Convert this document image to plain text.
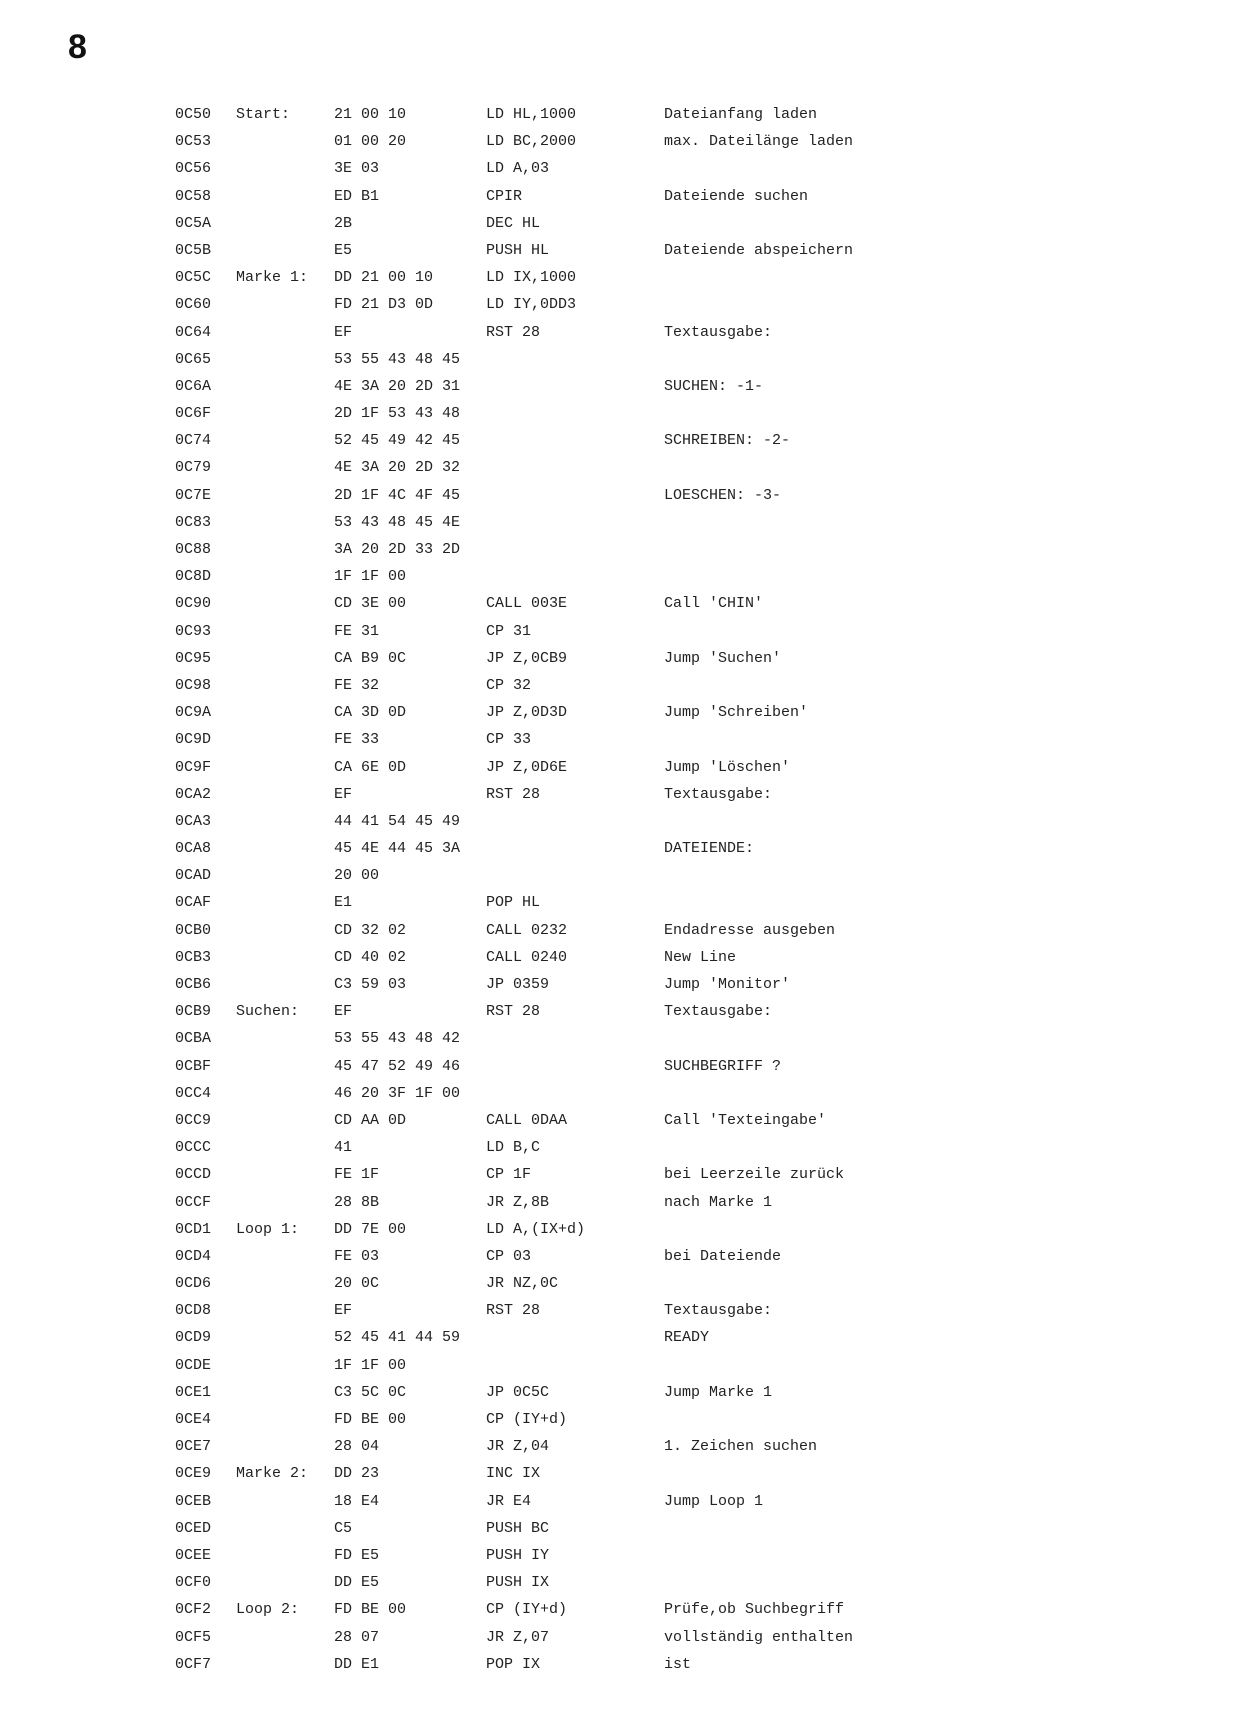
8
0C50 Start:	21 00 10	LD HL,1000	Dateianfang laden
0C53	01 00 20	LD BC,2000	max. Dateilänge laden
0C56	3E 03	LD A,03
0C58	ED B1	CPIR	Dateiende suchen
0C5A	2B	DEC HL
0C5B	E5	PUSH HL	Dateiende abspeichern
0C5C Marke 1: DD 21 00 10	LD IX,1000
0C60	FD 21 D3 0D	LD IY,0DD3
0C64	EF	RST 28	Textausgabe:
0C65	53 55 43 48 45
0C6A	4E 3A 20 2D 31	SUCHEN: -1-
0C6F	2D 1F 53 43 48
0C74	52 45 49 42 45	SCHREIBEN: -2-
0C79	4E 3A 20 2D 32
0C7E	2D 1F 4C 4F 45	LOESCHEN: -3-
0C83	53 43 48 45 4E
0C88	3A 20 2D 33 2D
0C8D	1F 1F 00
0C90	CD 3E 00	CALL 003E	Call 'CHIN'
0C93	FE 31	CP 31
0C95	CA B9 0C	JP Z,0CB9	Jump 'Suchen'
0C98	FE 32	CP 32
0C9A	CA 3D 0D	JP Z,0D3D	Jump 'Schreiben'
0C9D	FE 33	CP 33
0C9F	CA 6E 0D	JP Z,0D6E	Jump 'Löschen'
0CA2	EF	RST 28	Textausgabe:
0CA3	44 41 54 45 49
0CA8	45 4E 44 45 3A	DATEIENDE:
0CAD	20 00
0CAF	E1	POP HL
0CB0	CD 32 02	CALL 0232	Endadresse ausgeben
0CB3	CD 40 02	CALL 0240	New Line
0CB6	C3 59 03	JP 0359	Jump 'Monitor'
0CB9 Suchen: EF	RST 28	Textausgabe:
0CBA	53 55 43 48 42
0CBF	45 47 52 49 46	SUCHBEGRIFF ?
0CC4	46 20 3F 1F 00
0CC9	CD AA 0D	CALL 0DAA	Call 'Texteingabe'
0CCC	41	LD B,C
0CCD	FE 1F	CP 1F	bei Leerzeile zurück
0CCF	28 8B	JR Z,8B	nach Marke 1
0CD1 Loop 1: DD 7E 00	LD A,(IX+d)
0CD4	FE 03	CP 03	bei Dateiende
0CD6	20 0C	JR NZ,0C
0CD8	EF	RST 28	Textausgabe:
0CD9	52 45 41 44 59	READY
0CDE	1F 1F 00
0CE1	C3 5C 0C	JP 0C5C	Jump Marke 1
0CE4	FD BE 00	CP (IY+d)
0CE7	28 04	JR Z,04	1. Zeichen suchen
0CE9 Marke 2: DD 23	INC IX
0CEB	18 E4	JR E4	Jump Loop 1
0CED	C5	PUSH BC
0CEE	FD E5	PUSH IY
0CF0	DD E5	PUSH IX
0CF2 Loop 2: FD BE 00	CP (IY+d)	Prüfe,ob Suchbegriff
0CF5	28 07	JR Z,07	vollständig enthalten
0CF7	DD E1	POP IX	ist
